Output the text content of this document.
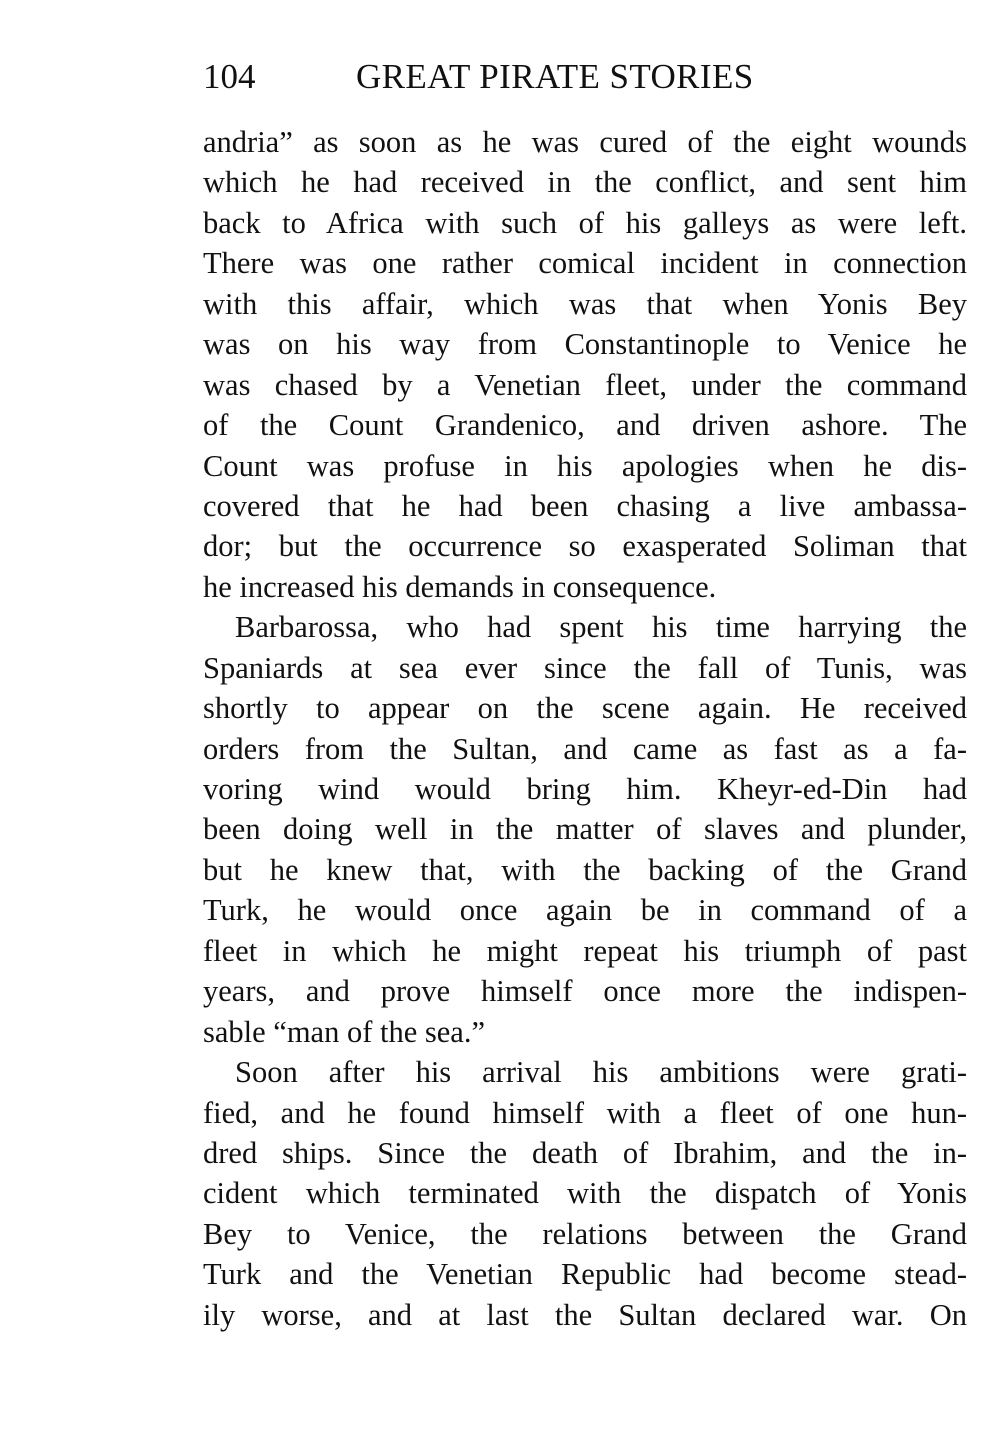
104	GREAT PIRATE STORIES
andria” as soon as he was cured of the eight wounds
which he had received in the conflict, and sent him
back to Africa with such of his galleys as were left.
There was one rather comical incident in connection
with this affair, which was that when Yonis Bey
was on his way from Constantinople to Venice he
was chased by a Venetian fleet, under the command
of the Count Grandenico, and driven ashore. The
Count was profuse in his apologies when he dis-
covered that he had been chasing a live ambassa-
dor; but the occurrence so exasperated Soliman that
he increased his demands in consequence.
Barbarossa, who had spent his time harrying the
Spaniards at sea ever since the fall of Tunis, was
shortly to appear on the scene again. He received
orders from the Sultan, and came as fast as a fa-
voring wind would bring him. Kheyr-ed-Din had
been doing well in the matter of slaves and plunder,
but he knew that, with the backing of the Grand
Turk, he would once again be in command of a
fleet in which he might repeat his triumph of past
years, and prove himself once more the indispen-
sable “man of the sea.”
Soon after his arrival his ambitions were grati-
fied, and he found himself with a fleet of one hun-
dred ships. Since the death of Ibrahim, and the in-
cident which terminated with the dispatch of Yonis
Bey to Venice, the relations between the Grand
Turk and the Venetian Republic had become stead-
ily worse, and at last the Sultan declared war. On
